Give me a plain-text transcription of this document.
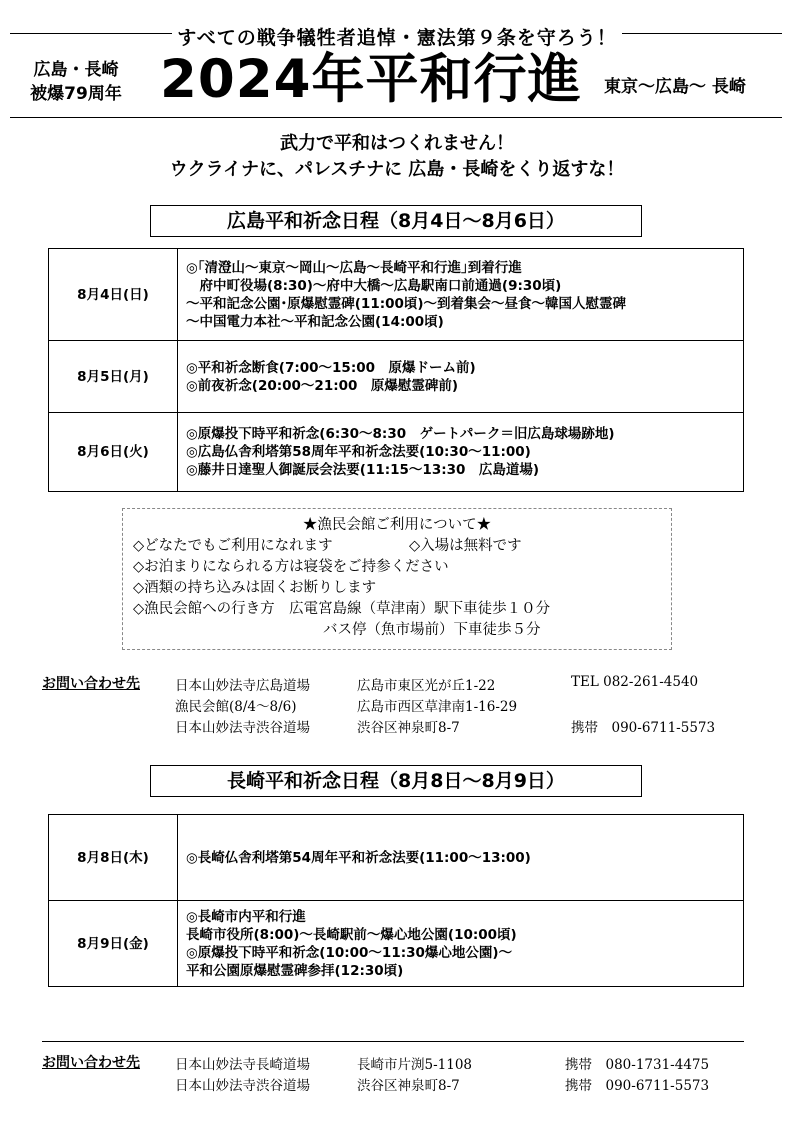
すべての戦争犠牲者追悼・憲法第９条を守ろう！
広島・長崎
被爆79周年 2024年平和行進	東京～広島～ 長崎
武力で平和はつくれません！
ウクライナに、パレスチナに 広島・長崎をくり返すな！
広島平和祈念日程（8月4日～8月6日）
8月4日(日)	◎｢清澄山～東京～岡山～広島～長崎平和行進｣到着行進
　府中町役場(8:30)～府中大橋～広島駅南口前通過(9:30頃)
～平和記念公園･原爆慰霊碑(11:00頃)～到着集会～昼食～韓国人慰霊碑
～中国電力本社～平和記念公園(14:00頃)

8月5日(月)	◎平和祈念断食(7:00～15:00　原爆ドーム前)
◎前夜祈念(20:00～21:00　原爆慰霊碑前)

8月6日(火)	◎原爆投下時平和祈念(6:30～8:30　ゲートパーク＝旧広島球場跡地)
◎広島仏舎利塔第58周年平和祈念法要(10:30～11:00)
◎藤井日達聖人御誕辰会法要(11:15～13:30　広島道場)
★漁民会館ご利用について★
◇どなたでもご利用になれます	◇入場は無料です
◇お泊まりになられる方は寝袋をご持参ください
◇酒類の持ち込みは固くお断りします
◇漁民会館への行き方　広電宮島線（草津南）駅下車徒歩１０分
バス停（魚市場前）下車徒歩５分
お問い合わせ先	日本山妙法寺広島道場	広島市東区光が丘1-22	TEL 082-261-4540
漁民会館(8/4～8/6)	広島市西区草津南1-16-29
日本山妙法寺渋谷道場	渋谷区神泉町8-7	携帯　090-6711-5573
長崎平和祈念日程（8月8日～8月9日）
8月8日(木)	◎長崎仏舎利塔第54周年平和祈念法要(11:00～13:00)

8月9日(金)	◎長崎市内平和行進
長崎市役所(8:00)～長崎駅前～爆心地公園(10:00頃)
◎原爆投下時平和祈念(10:00～11:30爆心地公園)～
平和公園原爆慰霊碑参拝(12:30頃)
お問い合わせ先	日本山妙法寺長崎道場	長崎市片渕5-1108	携帯　080-1731-4475
日本山妙法寺渋谷道場	渋谷区神泉町8-7	携帯　090-6711-5573
